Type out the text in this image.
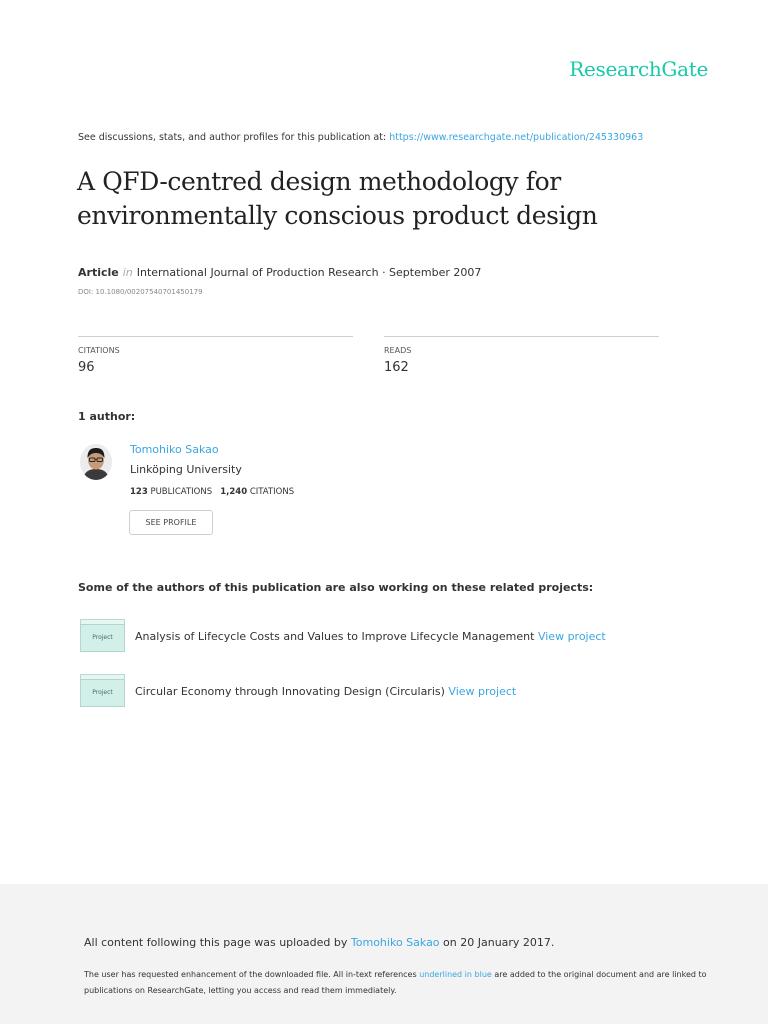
ResearchGate
See discussions, stats, and author profiles for this publication at: https://www.researchgate.net/publication/245330963
A QFD-centred design methodology for environmentally conscious product design
Article in International Journal of Production Research · September 2007
DOI: 10.1080/00207540701450179
CITATIONS
96
READS
162
1 author:
Tomohiko Sakao
Linköping University
123 PUBLICATIONS 1,240 CITATIONS
SEE PROFILE
Some of the authors of this publication are also working on these related projects:
Project	Analysis of Lifecycle Costs and Values to Improve Lifecycle Management View project
Project	Circular Economy through Innovating Design (Circularis) View project
All content following this page was uploaded by Tomohiko Sakao on 20 January 2017.
The user has requested enhancement of the downloaded file. All in-text references underlined in blue are added to the original document and are linked to publications on ResearchGate, letting you access and read them immediately.
